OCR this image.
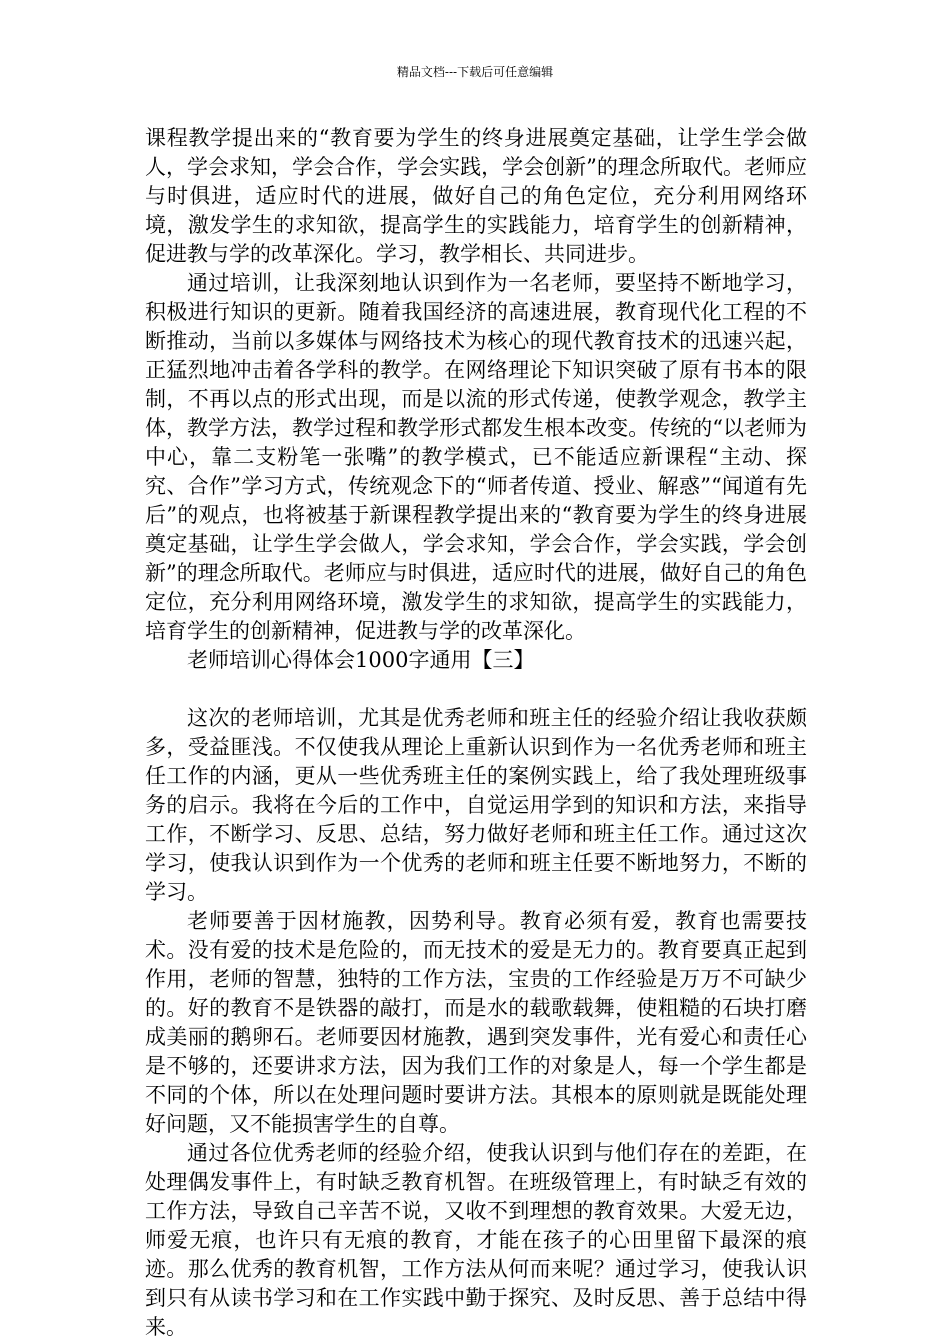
精品文档---下载后可任意编辑

课程教学提出来的“教育要为学生的终身进展奠定基础，让学生学会做人，学会求知，学会合作，学会实践，学会创新”的理念所取代。老师应与时俱进，适应时代的进展，做好自己的角色定位，充分利用网络环境，激发学生的求知欲，提高学生的实践能力，培育学生的创新精神，促进教与学的改革深化。学习，教学相长、共同进步。

通过培训，让我深刻地认识到作为一名老师，要坚持不断地学习，积极进行知识的更新。随着我国经济的高速进展，教育现代化工程的不断推动，当前以多媒体与网络技术为核心的现代教育技术的迅速兴起，正猛烈地冲击着各学科的教学。在网络理论下知识突破了原有书本的限制，不再以点的形式出现，而是以流的形式传递，使教学观念，教学主体，教学方法，教学过程和教学形式都发生根本改变。传统的“以老师为中心，靠二支粉笔一张嘴”的教学模式，已不能适应新课程“主动、探究、合作”学习方式，传统观念下的“师者传道、授业、解惑”“闻道有先后”的观点，也将被基于新课程教学提出来的“教育要为学生的终身进展奠定基础，让学生学会做人，学会求知，学会合作，学会实践，学会创新”的理念所取代。老师应与时俱进，适应时代的进展，做好自己的角色定位，充分利用网络环境，激发学生的求知欲，提高学生的实践能力，培育学生的创新精神，促进教与学的改革深化。

老师培训心得体会1000字通用【三】

这次的老师培训，尤其是优秀老师和班主任的经验介绍让我收获颇多，受益匪浅。不仅使我从理论上重新认识到作为一名优秀老师和班主任工作的内涵，更从一些优秀班主任的案例实践上，给了我处理班级事务的启示。我将在今后的工作中，自觉运用学到的知识和方法，来指导工作，不断学习、反思、总结，努力做好老师和班主任工作。通过这次学习，使我认识到作为一个优秀的老师和班主任要不断地努力，不断的学习。

老师要善于因材施教，因势利导。教育必须有爱，教育也需要技术。没有爱的技术是危险的，而无技术的爱是无力的。教育要真正起到作用，老师的智慧，独特的工作方法，宝贵的工作经验是万万不可缺少的。好的教育不是铁器的敲打，而是水的载歌载舞，使粗糙的石块打磨成美丽的鹅卵石。老师要因材施教，遇到突发事件，光有爱心和责任心是不够的，还要讲求方法，因为我们工作的对象是人，每一个学生都是不同的个体，所以在处理问题时要讲方法。其根本的原则就是既能处理好问题，又不能损害学生的自尊。

通过各位优秀老师的经验介绍，使我认识到与他们存在的差距，在处理偶发事件上，有时缺乏教育机智。在班级管理上，有时缺乏有效的工作方法，导致自己辛苦不说，又收不到理想的教育效果。大爱无边，师爱无痕，也许只有无痕的教育，才能在孩子的心田里留下最深的痕迹。那么优秀的教育机智，工作方法从何而来呢？通过学习，使我认识到只有从读书学习和在工作实践中勤于探究、及时反思、善于总结中得来。
